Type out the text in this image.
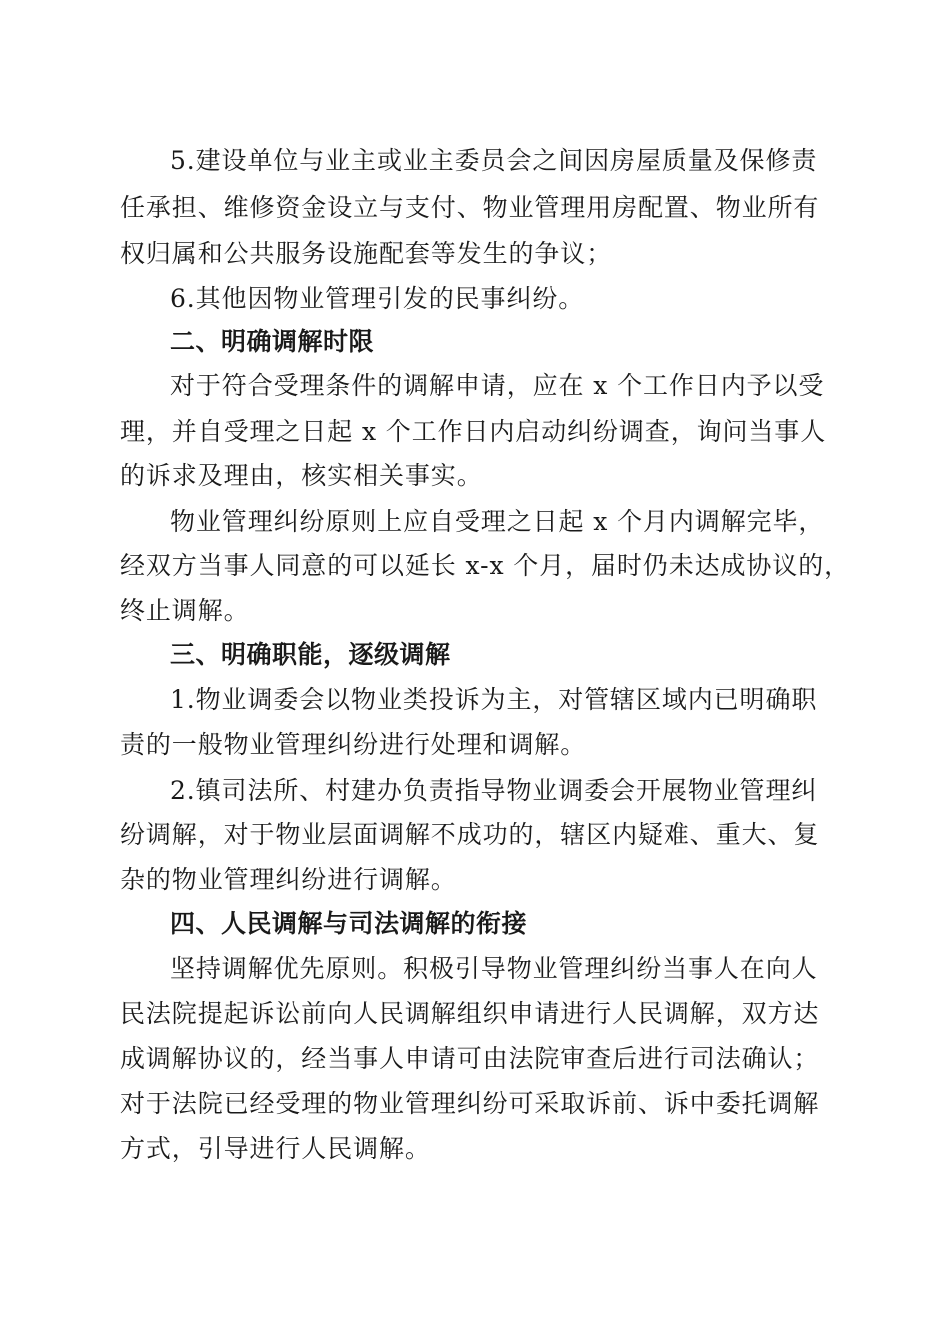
5.建设单位与业主或业主委员会之间因房屋质量及保修责

任承担、维修资金设立与支付、物业管理用房配置、物业所有

权归属和公共服务设施配套等发生的争议；

6.其他因物业管理引发的民事纠纷。

二、明确调解时限

对于符合受理条件的调解申请，应在 x 个工作日内予以受

理，并自受理之日起 x 个工作日内启动纠纷调查，询问当事人

的诉求及理由，核实相关事实。

物业管理纠纷原则上应自受理之日起 x 个月内调解完毕，

经双方当事人同意的可以延长 x-x 个月，届时仍未达成协议的，

终止调解。

三、明确职能，逐级调解

1.物业调委会以物业类投诉为主，对管辖区域内已明确职

责的一般物业管理纠纷进行处理和调解。

2.镇司法所、村建办负责指导物业调委会开展物业管理纠

纷调解，对于物业层面调解不成功的，辖区内疑难、重大、复

杂的物业管理纠纷进行调解。

四、人民调解与司法调解的衔接

坚持调解优先原则。积极引导物业管理纠纷当事人在向人

民法院提起诉讼前向人民调解组织申请进行人民调解，双方达

成调解协议的，经当事人申请可由法院审查后进行司法确认；

对于法院已经受理的物业管理纠纷可采取诉前、诉中委托调解

方式，引导进行人民调解。
